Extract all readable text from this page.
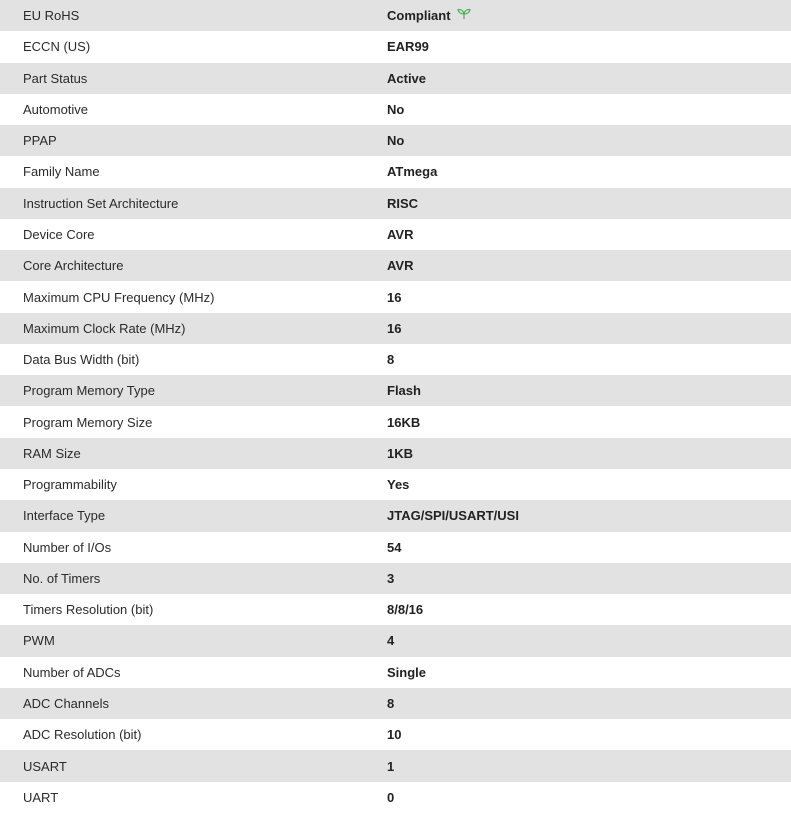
EU RoHS	Compliant
ECCN (US)	EAR99
Part Status	Active
Automotive	No
PPAP	No
Family Name	ATmega
Instruction Set Architecture	RISC
Device Core	AVR
Core Architecture	AVR
Maximum CPU Frequency (MHz)	16
Maximum Clock Rate (MHz)	16
Data Bus Width (bit)	8
Program Memory Type	Flash
Program Memory Size	16KB
RAM Size	1KB
Programmability	Yes
Interface Type	JTAG/SPI/USART/USI
Number of I/Os	54
No. of Timers	3
Timers Resolution (bit)	8/8/16
PWM	4
Number of ADCs	Single
ADC Channels	8
ADC Resolution (bit)	10
USART	1
UART	0
